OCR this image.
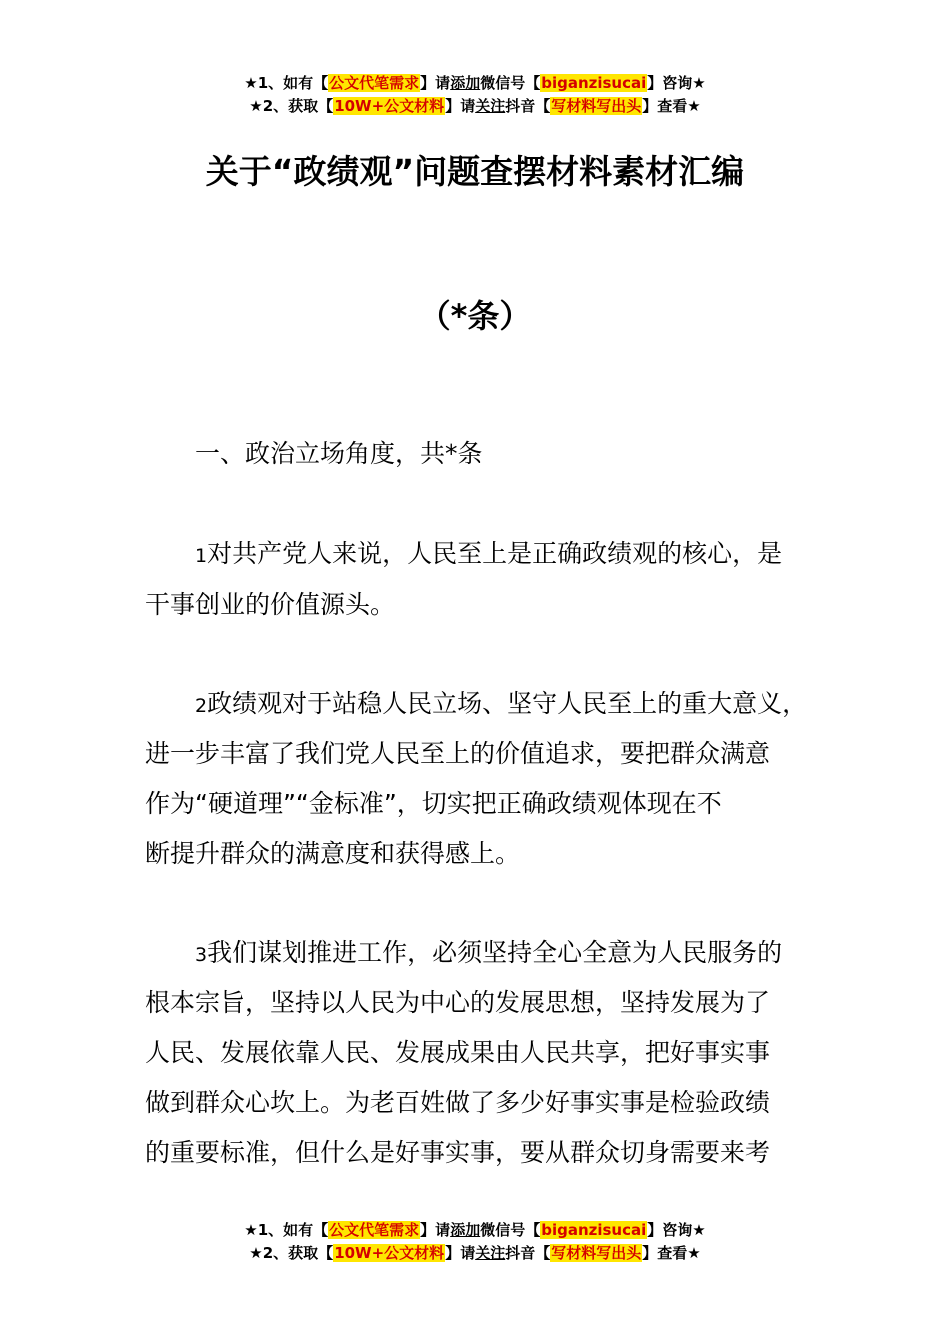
★1、如有【公文代笔需求】请添加微信号【biganzisucai】咨询★
★2、获取【10W+公文材料】请关注抖音【写材料写出头】查看★
关于“政绩观”问题查摆材料素材汇编
（*条）
一、政治立场角度，共*条
1对共产党人来说，人民至上是正确政绩观的核心，是
干事创业的价值源头。
2政绩观对于站稳人民立场、坚守人民至上的重大意义，
进一步丰富了我们党人民至上的价值追求，要把群众满意
作为“硬道理”“金标准”，切实把正确政绩观体现在不
断提升群众的满意度和获得感上。
3我们谋划推进工作，必须坚持全心全意为人民服务的
根本宗旨，坚持以人民为中心的发展思想，坚持发展为了
人民、发展依靠人民、发展成果由人民共享，把好事实事
做到群众心坎上。为老百姓做了多少好事实事是检验政绩
的重要标准，但什么是好事实事，要从群众切身需要来考
★1、如有【公文代笔需求】请添加微信号【biganzisucai】咨询★
★2、获取【10W+公文材料】请关注抖音【写材料写出头】查看★
